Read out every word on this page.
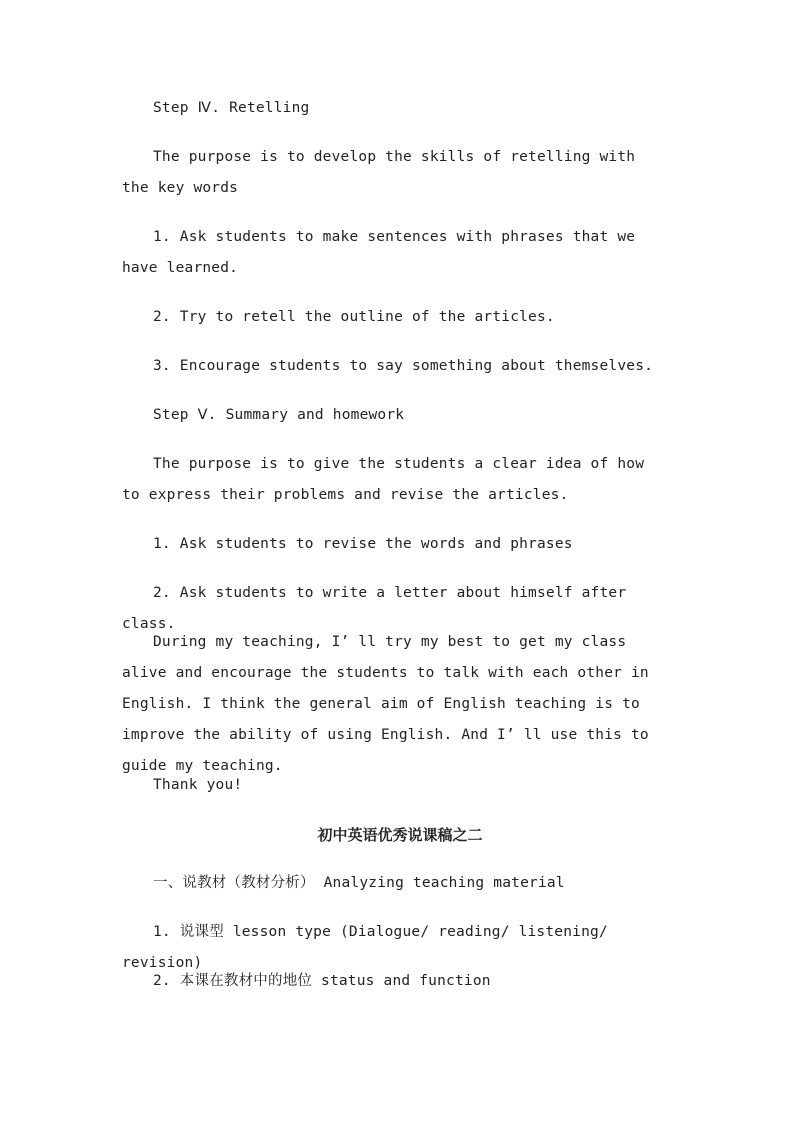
Step Ⅳ. Retelling
The purpose is to develop the skills of retelling with the key words
1. Ask students to make sentences with phrases that we have learned.
2. Try to retell the outline of the articles.
3. Encourage students to say something about themselves.
Step Ⅴ. Summary and homework
The purpose is to give the students a clear idea of how to express their problems and revise the articles.
1. Ask students to revise the words and phrases
2. Ask students to write a letter about himself after class.
During my teaching, I’ ll try my best to get my class alive and encourage the students to talk with each other in English. I think the general aim of English teaching is to improve the ability of using English. And I’ ll use this to guide my teaching.
Thank you!
初中英语优秀说课稿之二
一、说教材（教材分析） Analyzing teaching material
1. 说课型 lesson type (Dialogue/ reading/ listening/ revision)
2. 本课在教材中的地位 status and function
